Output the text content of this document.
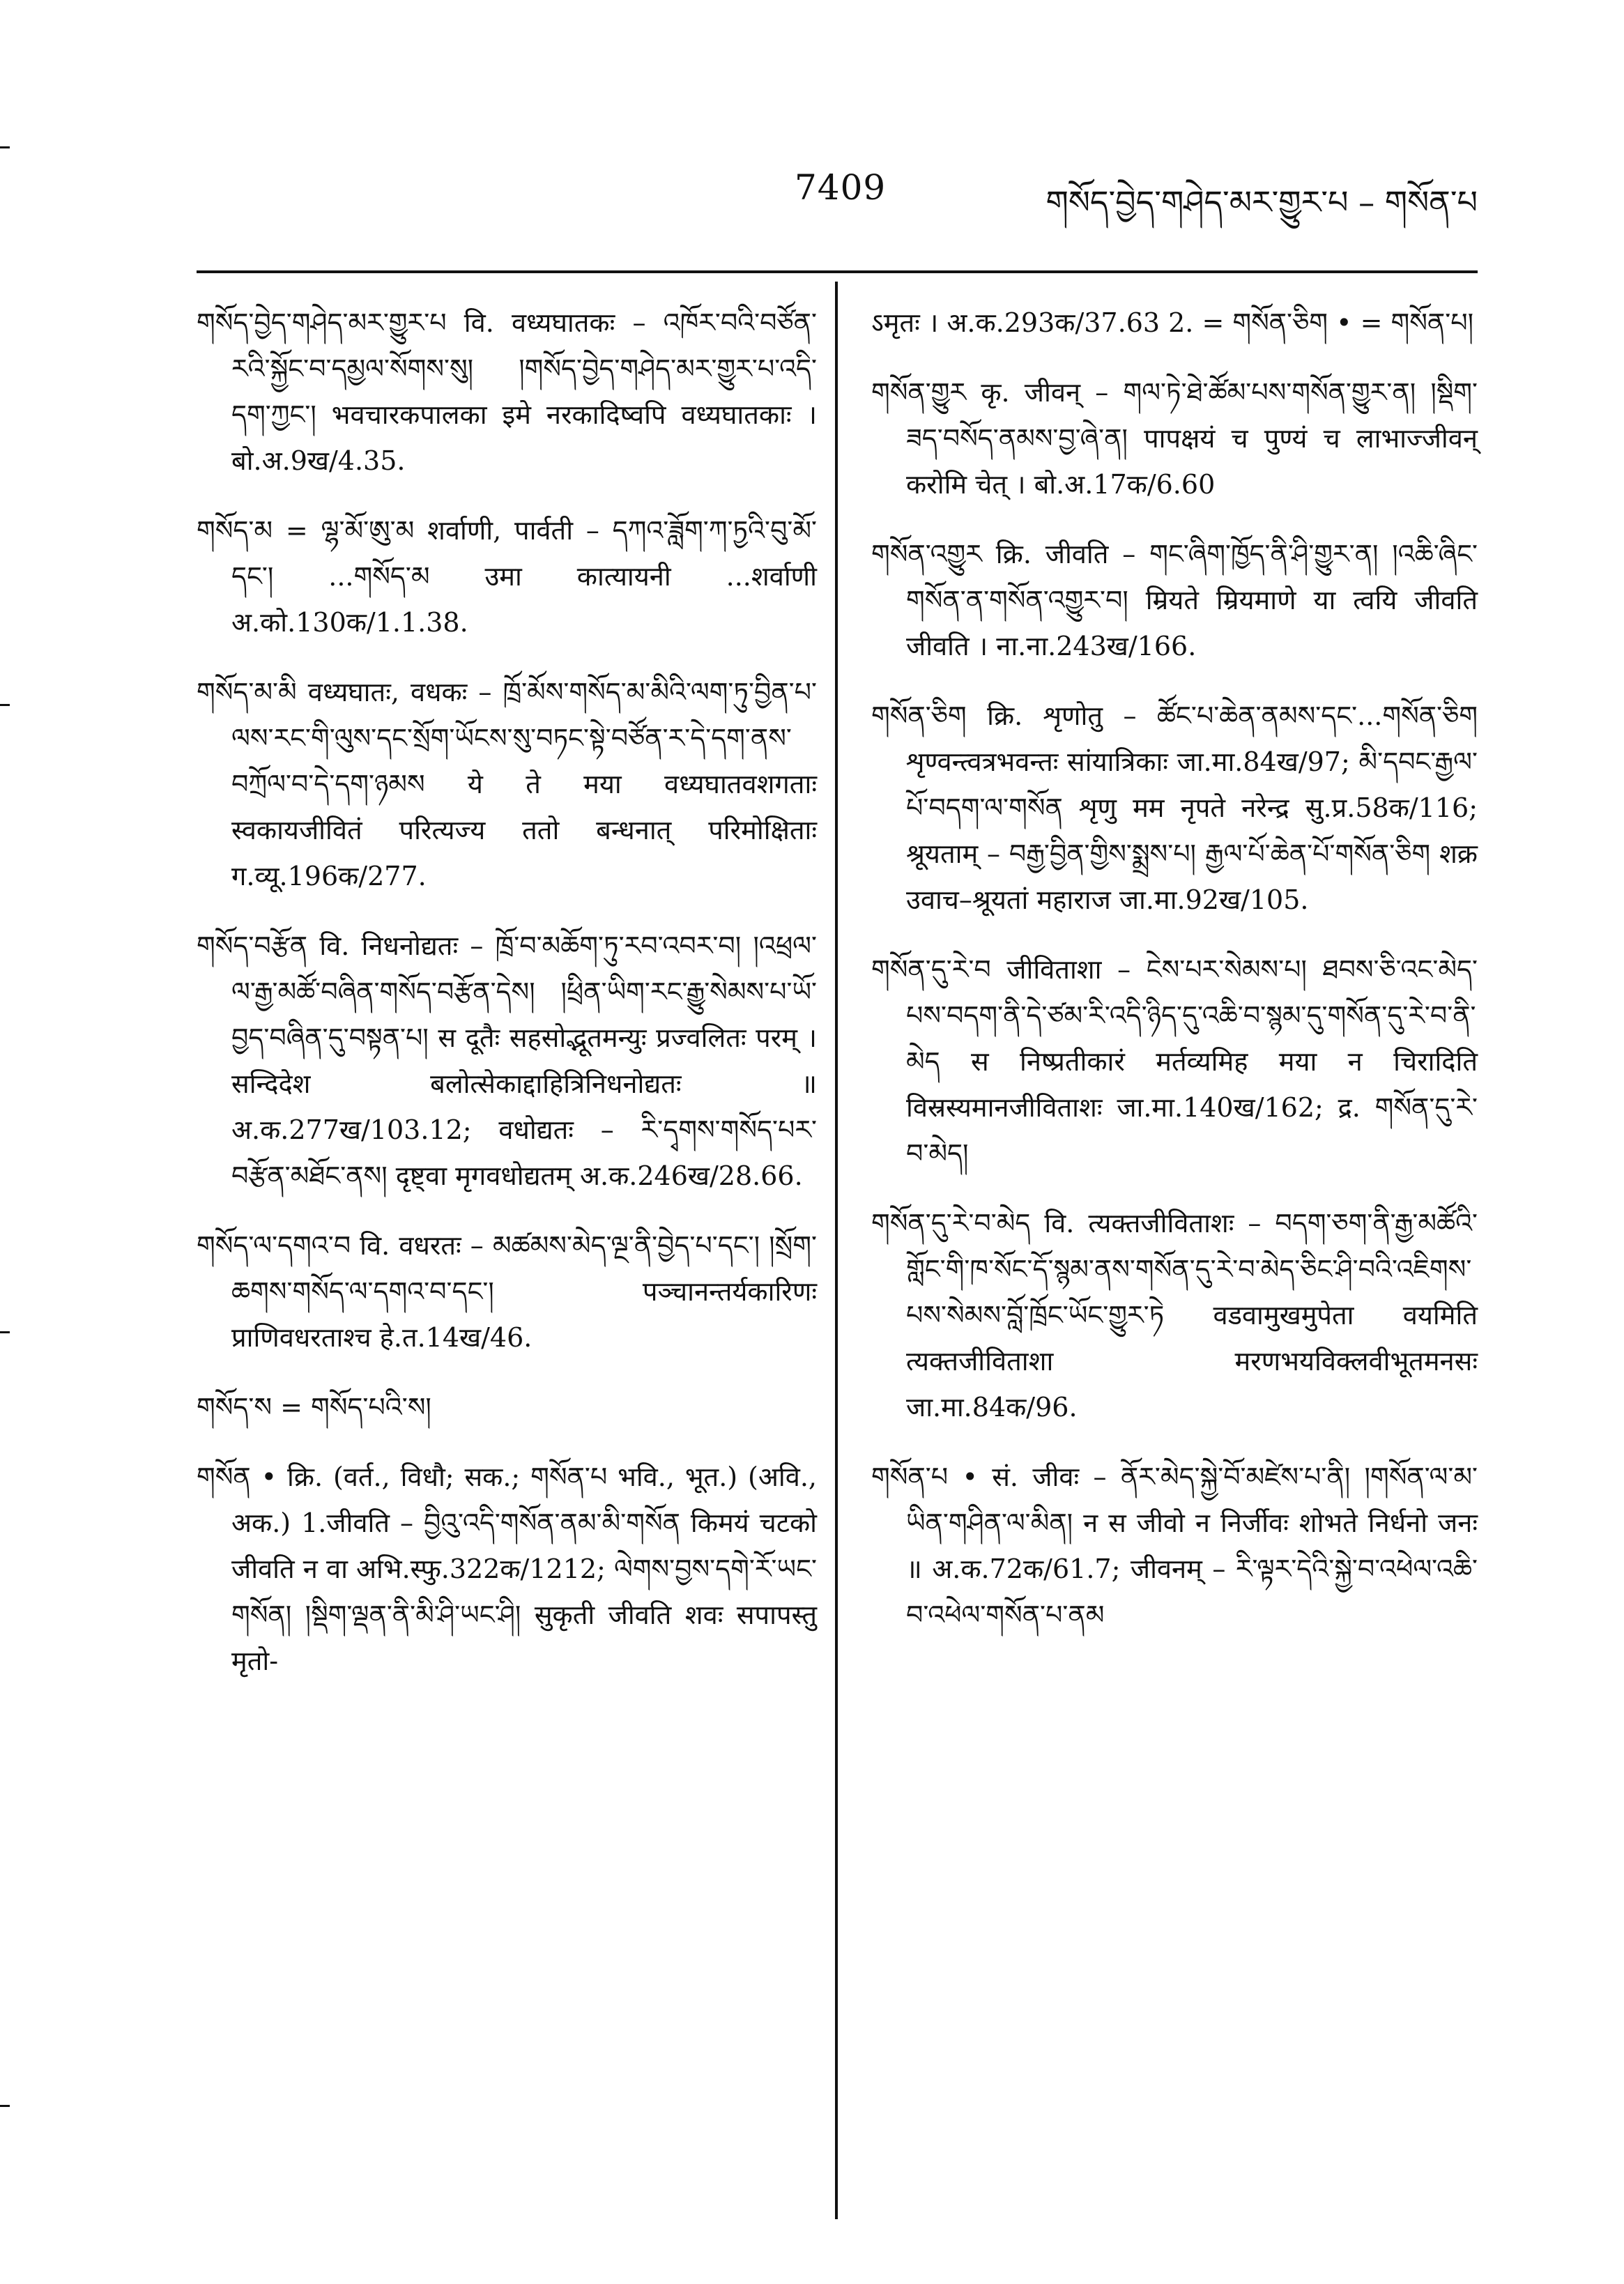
7409	གསོད་བྱེད་གཤེད་མར་གྱུར་པ – གསོན་པ

གསོད་བྱེད་གཤེད་མར་གྱུར་པ वि. वध्यघातकः – འཁོར་བའི་བཙོན་རའི་སྐྱོང་བ་དམྱལ་སོགས་སུ། །གསོད་བྱེད་གཤེད་མར་གྱུར་པ་འདི་དག་ཀྱང་། भवचारकपालका इमे नरकादिष्वपि वध्यघातकाः । बो.अ.9ख/4.35.

གསོད་མ = ལྷ་མོ་ཨུ་མ शर्वाणी, पार्वती – དཀའ་ཟློག་ཀ་ཏྱའི་བུ་མོ་དང་། ...གསོད་མ उमा कात्यायनी ...शर्वाणी अ.को.130क/1.1.38.

གསོད་མ་མི वध्यघातः, वधकः – ཁྲོ་མོས་གསོད་མ་མིའི་ལག་ཏུ་བྱིན་པ་ལས་རང་གི་ལུས་དང་སྲོག་ཡོངས་སུ་བཏང་སྟེ་བཙོན་ར་དེ་དག་ནས་བཀྲོལ་བ་དེ་དག་ཉམས ये ते मया वध्यघातवशगताः स्वकायजीवितं परित्यज्य ततो बन्धनात् परिमोक्षिताः ग.व्यू.196क/277.

གསོད་བརྩོན वि. निधनोद्यतः – ཁྲོ་བ་མཆོག་ཏུ་རབ་འབར་བ། །འཕྲལ་ལ་རྒྱ་མཚོ་བཞིན་གསོད་བརྩོན་དེས། །ཕྲིན་ཡིག་རང་རྒྱུ་སེམས་པ་ཡོ་བྱད་བཞིན་དུ་བསྟན་པ། स दूतैः सहसोद्भूतमन्युः प्रज्वलितः परम् । सन्दिदेश बलोत्सेकाद्दाहित्रिनिधनोद्यतः ॥ अ.क.277ख/103.12; वधोद्यतः – རི་དྭགས་གསོད་པར་བརྩོན་མཐོང་ནས། दृष्ट्वा मृगवधोद्यतम् अ.क.246ख/28.66.

གསོད་ལ་དགའ་བ वि. वधरतः – མཚམས་མེད་ལྔ་ནི་བྱེད་པ་དང་། །སྲོག་ཆགས་གསོད་ལ་དགའ་བ་དང་། पञ्चानन्तर्यकारिणः प्राणिवधरताश्च हे.त.14ख/46.

གསོད་ས = གསོད་པའི་ས།

གསོན • क्रि. (वर्त., विधौ; सक.; གསོན་པ भवि., भूत.) (अवि., अक.) 1.जीवति – བྱིའུ་འདི་གསོན་ནམ་མི་གསོན किमयं चटको जीवति न वा अभि.स्फु.322क/1212; ལེགས་བྱས་དགེ་རོ་ཡང་གསོན། །སྡིག་ལྡན་ནི་མི་ཤི་ཡང་ཤི། सुकृती जीवति शवः सपापस्तु मृतो-

ऽमृतः । अ.क.293क/37.63 2. = གསོན་ཅིག • = གསོན་པ།

གསོན་གྱུར कृ. जीवन् – གལ་ཏེ་ཐེ་ཚོམ་པས་གསོན་གྱུར་ན། །སྡིག་ཟད་བསོད་ནམས་བྱ་ཞེ་ན། पापक्षयं च पुण्यं च लाभाज्जीवन् करोमि चेत् । बो.अ.17क/6.60

གསོན་འགྱུར क्रि. जीवति – གང་ཞིག་ཁྱོད་ནི་ཤི་གྱུར་ན། །འཆི་ཞིང་གསོན་ན་གསོན་འགྱུར་བ། म्रियते म्रियमाणे या त्वयि जीवति जीवति । ना.ना.243ख/166.

གསོན་ཅིག क्रि. शृणोतु – ཚོང་པ་ཆེན་ནམས་དང་...གསོན་ཅིག शृण्वन्त्वत्रभवन्तः सांयात्रिकाः जा.मा.84ख/97; མི་དབང་རྒྱལ་པོ་བདག་ལ་གསོན शृणु मम नृपते नरेन्द्र सु.प्र.58क/116; श्रूयताम् – བརྒྱ་བྱིན་གྱིས་སྨྲས་པ། རྒྱལ་པོ་ཆེན་པོ་གསོན་ཅིག शक्र उवाच–श्रूयतां महाराज जा.मा.92ख/105.

གསོན་དུ་རེ་བ जीविताशा – ངེས་པར་སེམས་པ། ཐབས་ཅི་འང་མེད་པས་བདག་ནི་དེ་ཙམ་རི་འདི་ཉིད་དུ་འཆི་བ་སྙམ་དུ་གསོན་དུ་རེ་བ་ནི་མེད स निष्प्रतीकारं मर्तव्यमिह मया न चिरादिति विस्रस्यमानजीविताशः जा.मा.140ख/162; द्र. གསོན་དུ་རེ་བ་མེད།

གསོན་དུ་རེ་བ་མེད वि. त्यक्तजीविताशः – བདག་ཅག་ནི་རྒྱ་མཚོའི་གློང་གི་ཁ་སོང་དོ་སྙམ་ནས་གསོན་དུ་རེ་བ་མེད་ཅིང་ཤི་བའི་འཇིགས་པས་སེམས་བློ་ཁྲོང་ཡོང་གྱུར་ཏེ वडवामुखमुपेता वयमिति त्यक्तजीविताशा मरणभयविक्लवीभूतमनसः जा.मा.84क/96.

གསོན་པ • सं. जीवः – ནོར་མེད་སྐྱེ་བོ་མཛེས་པ་ནི། །གསོན་ལ་མ་ཡིན་གཤིན་ལ་མིན། न स जीवो न निर्जीवः शोभते निर्धनो जनः ॥ अ.क.72क/61.7; जीवनम् – རི་ལྟར་དེའི་སྐྱེ་བ་འཕེལ་འཆི་བ་འཕེལ་གསོན་པ་ནམ
